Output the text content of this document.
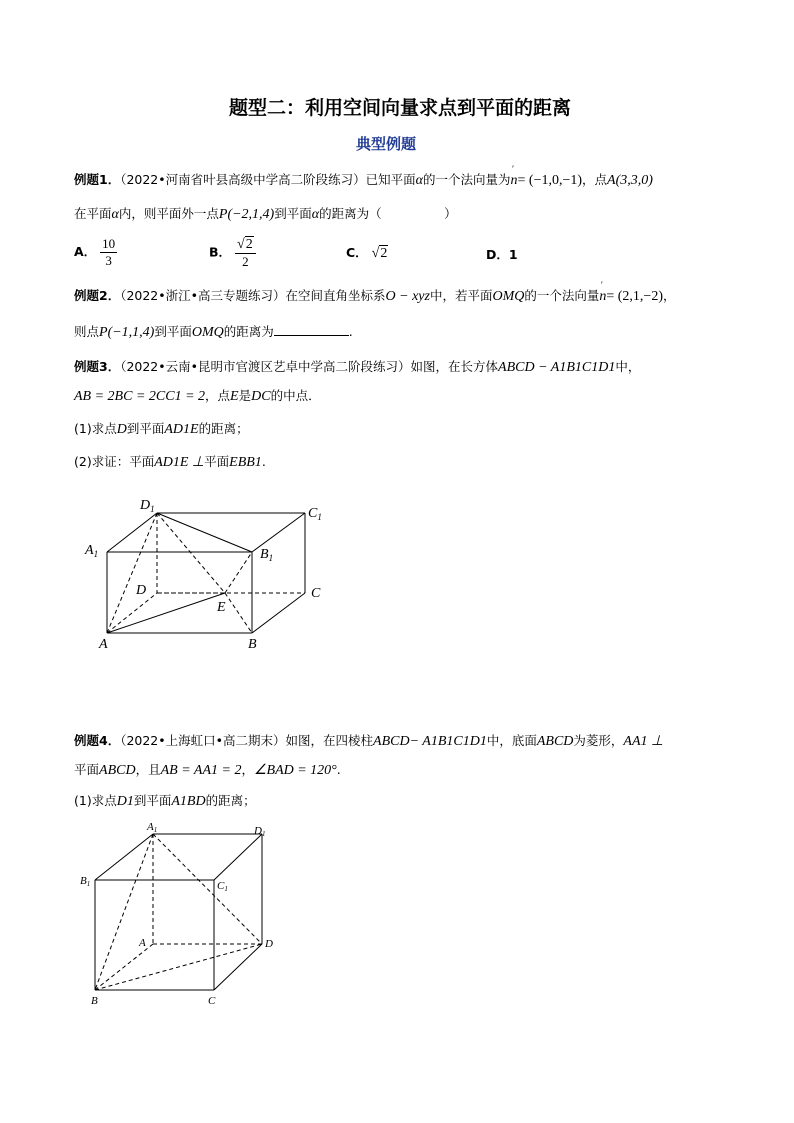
题型二：利用空间向量求点到平面的距离
典型例题
例题1．（2022•河南省叶县高级中学高二阶段练习）已知平面α的一个法向量为
'
n= (−1,0,−1)，点A(3,3,0)
在平面α内，则平面外一点P(−2,1,4)到平面α的距离为（　　　　　）
A． $\frac{10}{3}$	B． $\frac{√2}{2}$	C． √2	D．1
例题2．（2022•浙江•高三专题练习）在空间直角坐标系O − xyz中，若平面OMQ的一个法向量
'
n= (2,1,−2)，
则点P(−1,1,4)到平面OMQ的距离为	.
例题3．（2022•云南•昆明市官渡区艺卓中学高二阶段练习）如图，在长方体ABCD − A1B1C1D1中，
AB = 2BC = 2CC1 = 2，点E是DC的中点．
(1)求点D到平面AD1E的距离；
(2)求证：平面AD1E ⊥平面EBB1.
$D_1$	$C_1$
$A_1$	$B_1$
D	C
E
A	B
例题4．（2022•上海虹口•高二期末）如图，在四棱柱ABCD− A1B1C1D1中，底面ABCD为菱形，AA1 ⊥
平面ABCD，且AB = AA1 = 2，∠BAD = 120°.
(1)求点D1到平面A1BD的距离；
A1	D1
B1	C1
A	D
B	C
